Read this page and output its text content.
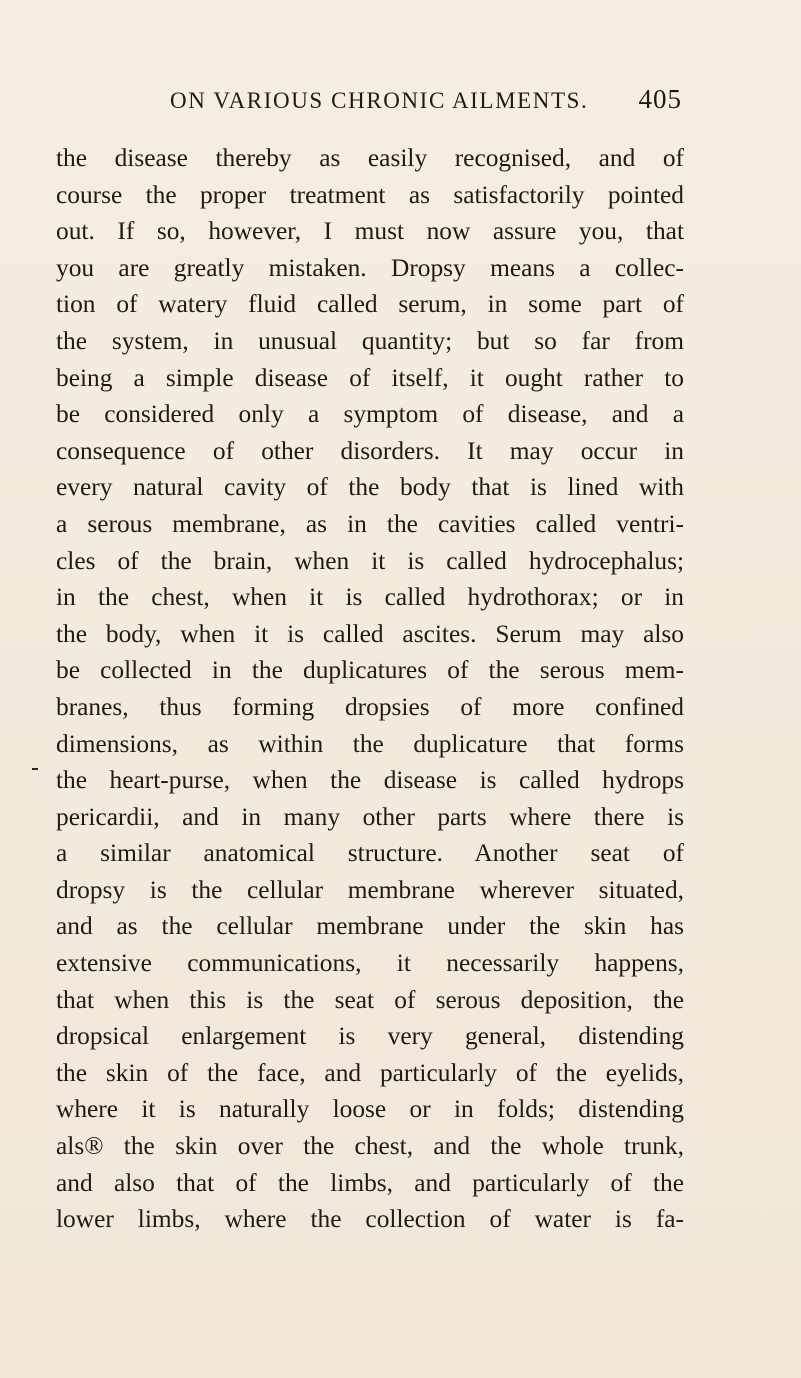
ON VARIOUS CHRONIC AILMENTS. 405
the disease thereby as easily recognised, and of
course the proper treatment as satisfactorily pointed
out. If so, however, I must now assure you, that
you are greatly mistaken. Dropsy means a collec-
tion of watery fluid called serum, in some part of
the system, in unusual quantity; but so far from
being a simple disease of itself, it ought rather to
be considered only a symptom of disease, and a
consequence of other disorders. It may occur in
every natural cavity of the body that is lined with
a serous membrane, as in the cavities called ventri-
cles of the brain, when it is called hydrocephalus;
in the chest, when it is called hydrothorax; or in
the body, when it is called ascites. Serum may also
be collected in the duplicatures of the serous mem-
branes, thus forming dropsies of more confined
dimensions, as within the duplicature that forms
the heart-purse, when the disease is called hydrops
pericardii, and in many other parts where there is
a similar anatomical structure. Another seat of
dropsy is the cellular membrane wherever situated,
and as the cellular membrane under the skin has
extensive communications, it necessarily happens,
that when this is the seat of serous deposition, the
dropsical enlargement is very general, distending
the skin of the face, and particularly of the eyelids,
where it is naturally loose or in folds; distending
als® the skin over the chest, and the whole trunk,
and also that of the limbs, and particularly of the
lower limbs, where the collection of water is fa-
